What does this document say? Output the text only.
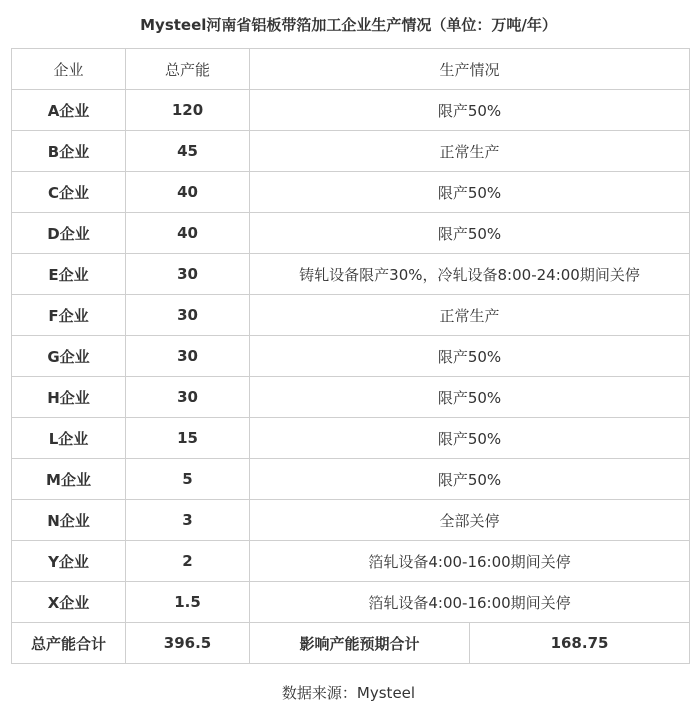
Mysteel河南省铝板带箔加工企业生产情况（单位：万吨/年）
企业	总产能	生产情况	
A企业	120	限产50%	
B企业	45	正常生产	
C企业	40	限产50%	
D企业	40	限产50%	
E企业	30	铸轧设备限产30%，冷轧设备8:00-24:00期间关停	
F企业	30	正常生产	
G企业	30	限产50%	
H企业	30	限产50%	
L企业	15	限产50%	
M企业	5	限产50%	
N企业	3	全部关停	
Y企业	2	箔轧设备4:00-16:00期间关停	
X企业	1.5	箔轧设备4:00-16:00期间关停	
总产能合计	396.5	影响产能预期合计	168.75
数据来源：Mysteel
